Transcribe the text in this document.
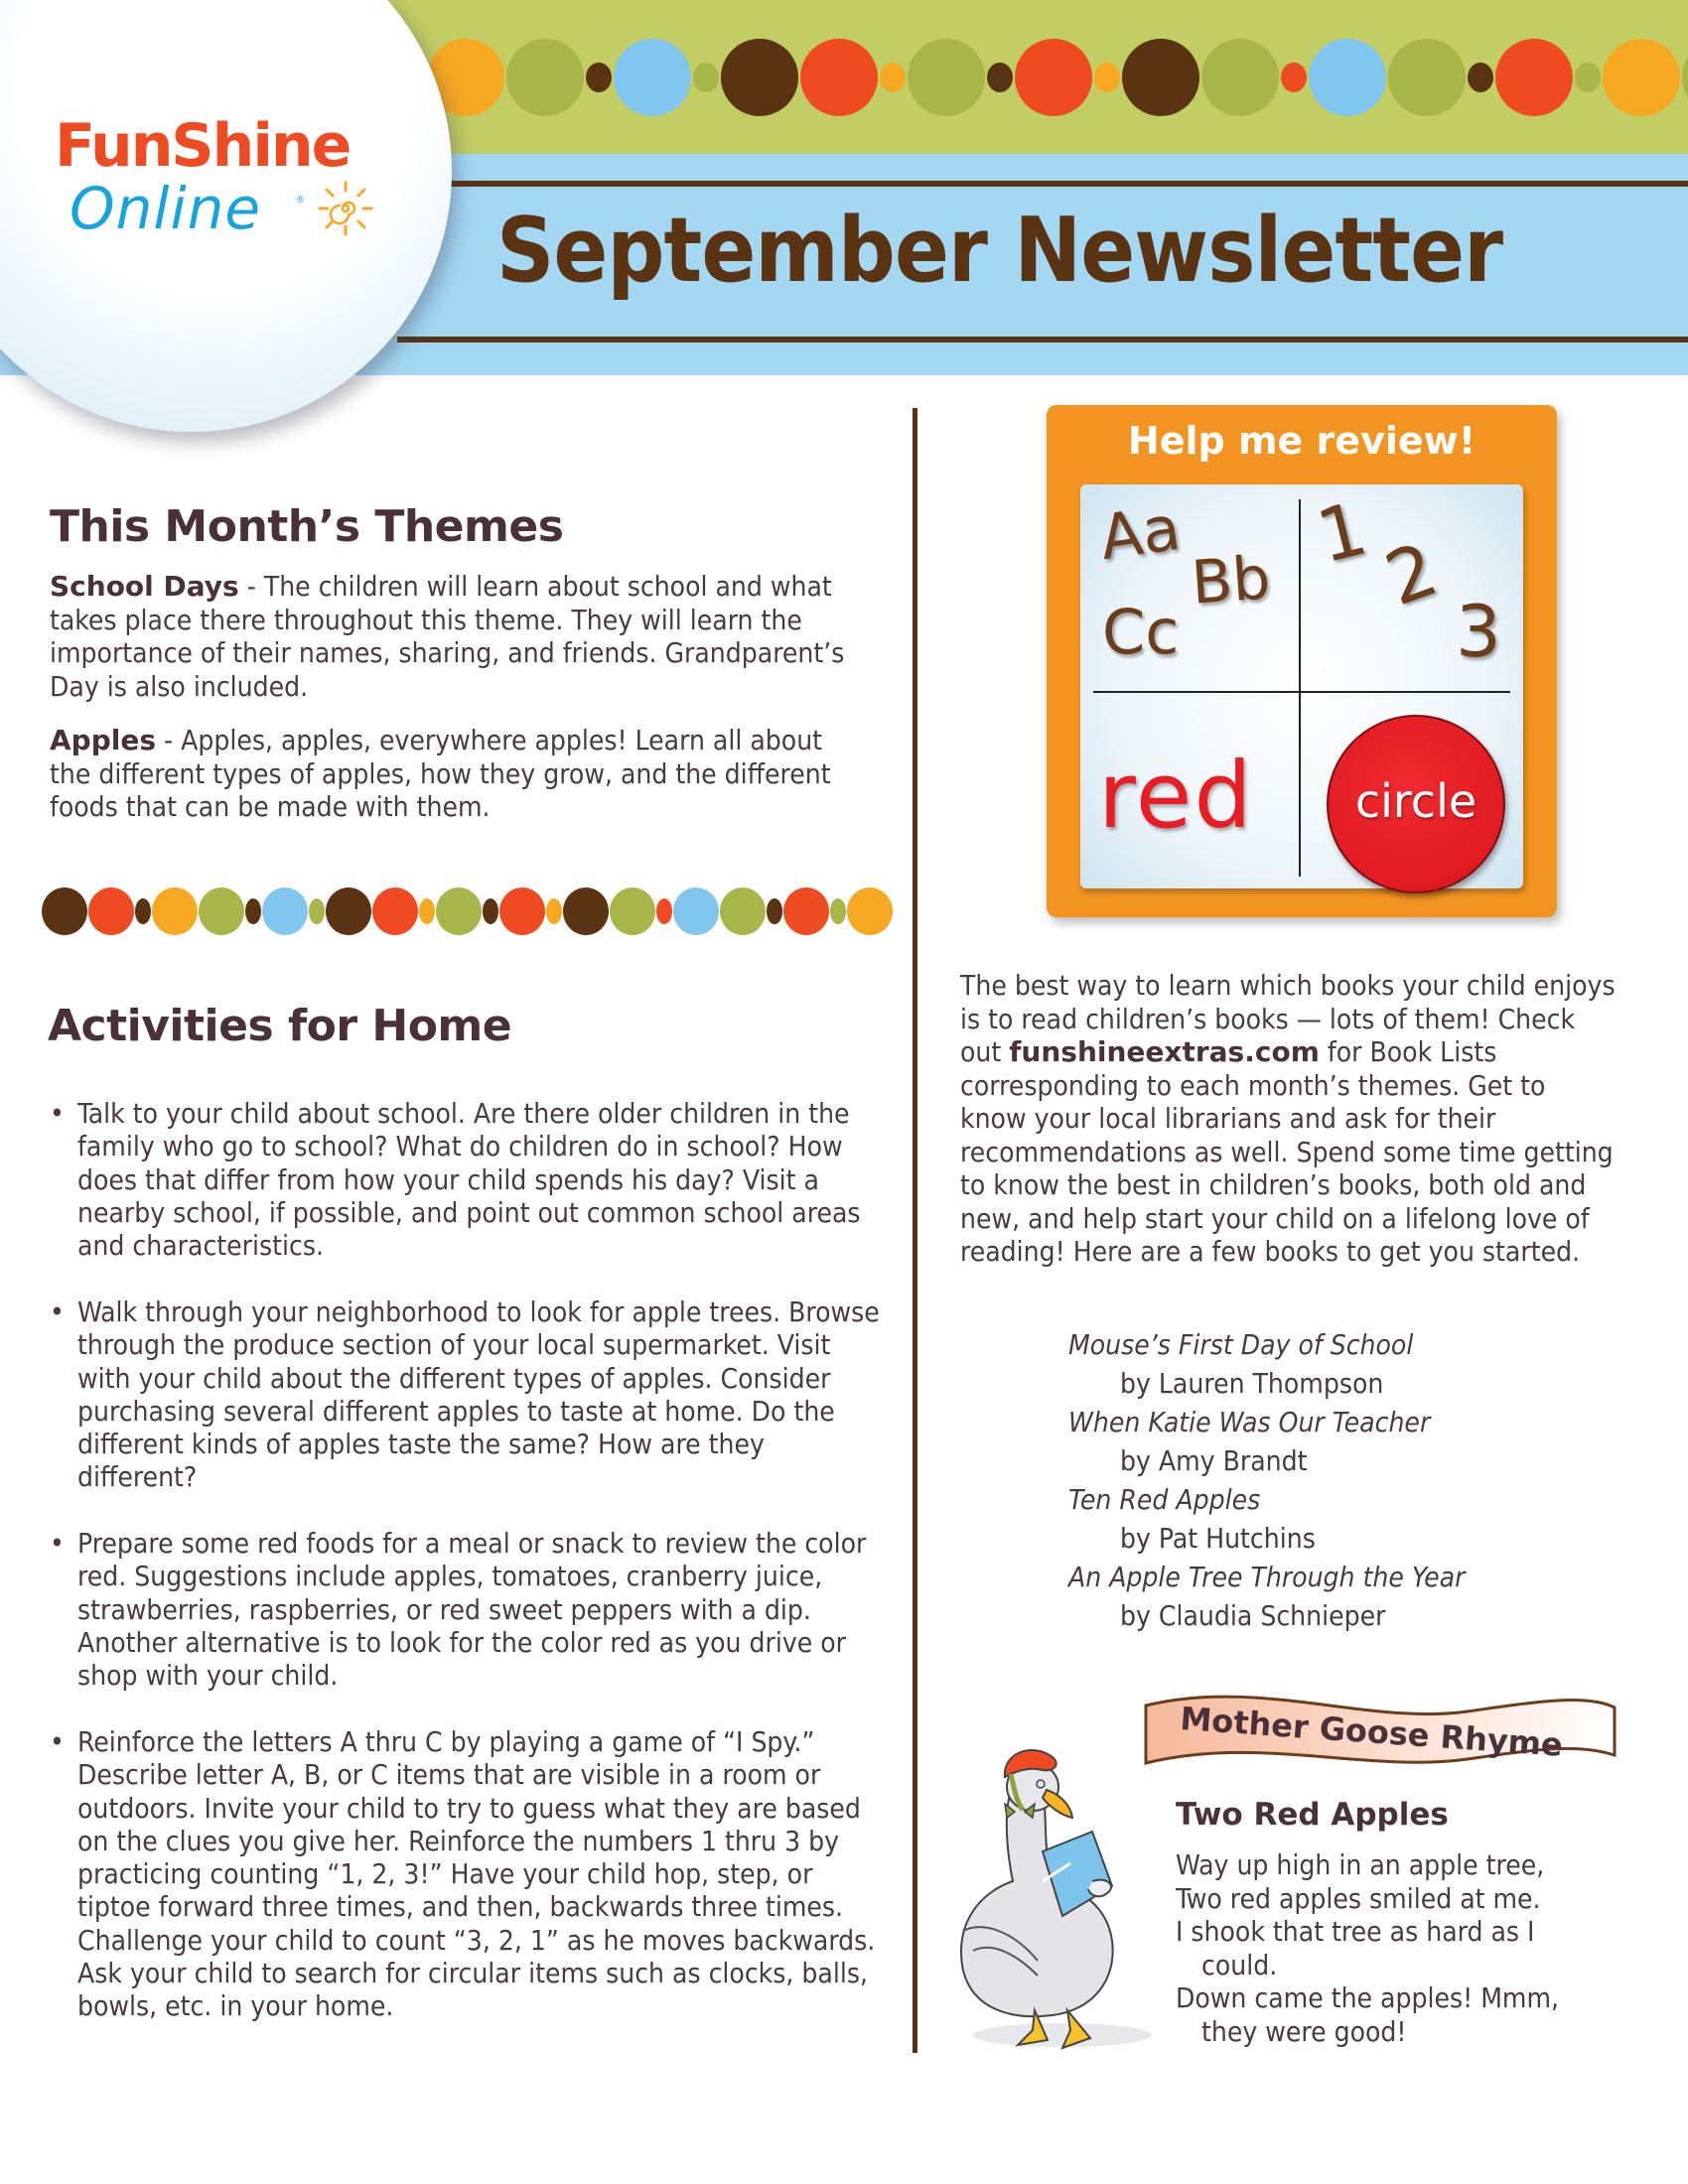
September Newsletter
FunShine
Online	®
This Month’s Themes
School Days - The children will learn about school and what takes place there throughout this theme. They will learn the importance of their names, sharing, and friends. Grandparent’s Day is also included.
Apples - Apples, apples, everywhere apples! Learn all about the different types of apples, how they grow, and the different foods that can be made with them.
Activities for Home
• Talk to your child about school. Are there older children in the family who go to school? What do children do in school? How does that differ from how your child spends his day? Visit a nearby school, if possible, and point out common school areas and characteristics.
• Walk through your neighborhood to look for apple trees. Browse through the produce section of your local supermarket. Visit with your child about the different types of apples. Consider purchasing several different apples to taste at home. Do the different kinds of apples taste the same? How are they different?
• Prepare some red foods for a meal or snack to review the color red. Suggestions include apples, tomatoes, cranberry juice, strawberries, raspberries, or red sweet peppers with a dip. Another alternative is to look for the color red as you drive or shop with your child.
• Reinforce the letters A thru C by playing a game of “I Spy.” Describe letter A, B, or C items that are visible in a room or outdoors. Invite your child to try to guess what they are based on the clues you give her. Reinforce the numbers 1 thru 3 by practicing counting “1, 2, 3!” Have your child hop, step, or tiptoe forward three times, and then, backwards three times. Challenge your child to count “3, 2, 1” as he moves backwards. Ask your child to search for circular items such as clocks, balls, bowls, etc. in your home.
Help me review!
Aa
Bb
Cc
1 2
3
red	circle
The best way to learn which books your child enjoys is to read children’s books — lots of them! Check out funshineextras.com for Book Lists corresponding to each month’s themes. Get to know your local librarians and ask for their recommendations as well. Spend some time getting to know the best in children’s books, both old and new, and help start your child on a lifelong love of reading! Here are a few books to get you started.
Mouse’s First Day of School
by Lauren Thompson
When Katie Was Our Teacher
by Amy Brandt
Ten Red Apples
by Pat Hutchins
An Apple Tree Through the Year
by Claudia Schnieper
Mother Goose Rhyme
Two Red Apples
Way up high in an apple tree,
Two red apples smiled at me.
I shook that tree as hard as I
could.
Down came the apples! Mmm,
they were good!
